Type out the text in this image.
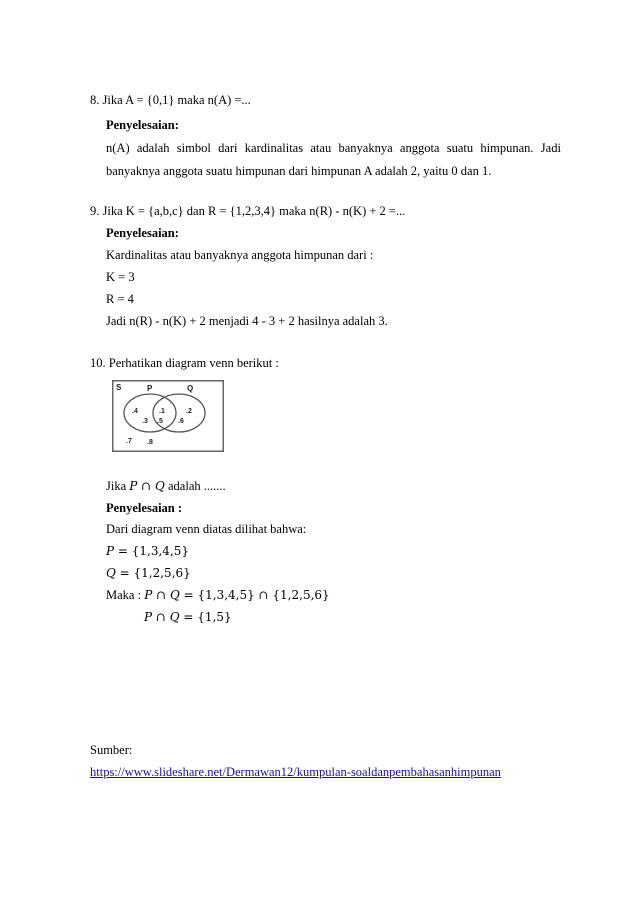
8. Jika A = {0,1} maka n(A) =...
Penyelesaian:
n(A) adalah simbol dari kardinalitas atau banyaknya anggota suatu himpunan. Jadi
banyaknya anggota suatu himpunan dari himpunan A adalah 2, yaitu 0 dan 1.
9. Jika K = {a,b,c} dan R = {1,2,3,4} maka n(R) - n(K) + 2 =...
Penyelesaian:
Kardinalitas atau banyaknya anggota himpunan dari :
K = 3
R = 4
Jadi n(R) - n(K) + 2 menjadi 4 - 3 + 2 hasilnya adalah 3.
10. Perhatikan diagram venn berikut :
S	P	Q
.4
.3
.1
.5
.2
.6
.7 .8
Jika P ∩ Q adalah .......
Penyelesaian :
Dari diagram venn diatas dilihat bahwa:
P = {1,3,4,5}
Q = {1,2,5,6}
Maka : P ∩ Q = {1,3,4,5} ∩ {1,2,5,6}
P ∩ Q = {1,5}
Sumber:
https://www.slideshare.net/Dermawan12/kumpulan-soaldanpembahasanhimpunan
